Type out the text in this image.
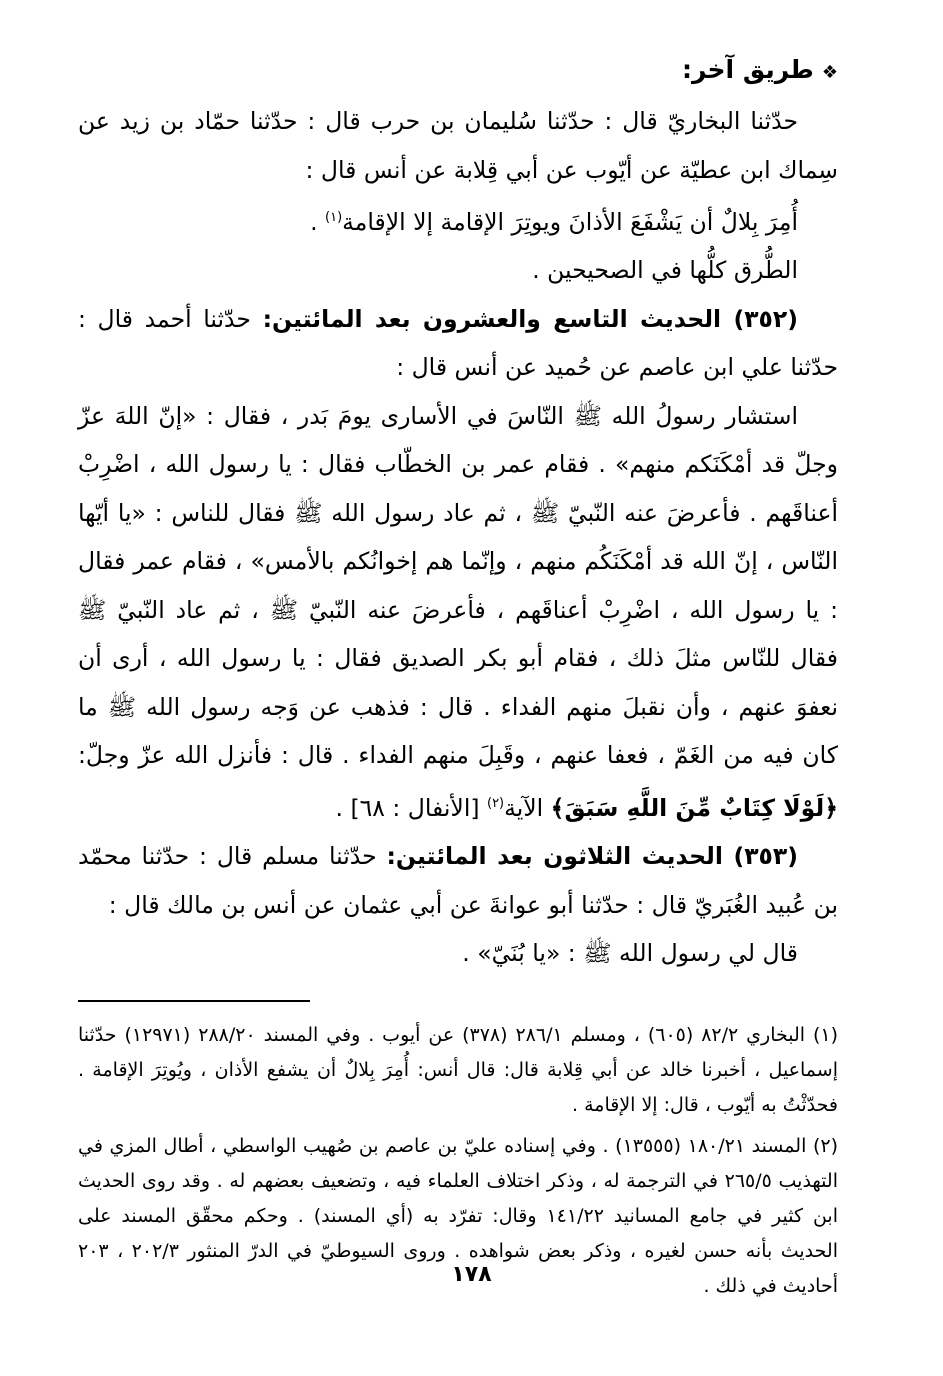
❖طريق آخر:

حدّثنا البخاريّ قال : حدّثنا سُليمان بن حرب قال : حدّثنا حمّاد بن زيد عن سِماك ابن عطيّة عن أيّوب عن أبي قِلابة عن أنس قال :

أُمِرَ بِلالٌ أن يَشْفَعَ الأذانَ ويوتِرَ الإقامة إلا الإقامة$^{(١)}$ .

الطُّرق كلُّها في الصحيحين .

(٣٥٢) الحديث التاسع والعشرون بعد المائتين: حدّثنا أحمد قال : حدّثنا علي ابن عاصم عن حُميد عن أنس قال :

استشار رسولُ الله ﷺ النّاسَ في الأسارى يومَ بَدر ، فقال : «إنّ اللهَ عزّ وجلّ قد أمْكَنَكم منهم» . فقام عمر بن الخطّاب فقال : يا رسول الله ، اضْرِبْ أعناقَهم . فأعرضَ عنه النّبيّ ﷺ ، ثم عاد رسول الله ﷺ فقال للناس : «يا أيّها النّاس ، إنّ الله قد أمْكَنَكُم منهم ، وإنّما هم إخوانُكم بالأمس» ، فقام عمر فقال : يا رسول الله ، اضْرِبْ أعناقَهم ، فأعرضَ عنه النّبيّ ﷺ ، ثم عاد النّبيّ ﷺ فقال للنّاس مثلَ ذلك ، فقام أبو بكر الصديق فقال : يا رسول الله ، أرى أن نعفوَ عنهم ، وأن نقبلَ منهم الفداء . قال : فذهب عن وَجه رسول الله ﷺ ما كان فيه من الغَمّ ، فعفا عنهم ، وقَبِلَ منهم الفداء . قال : فأنزل الله عزّ وجلّ:﴿لَوْلَا كِتَابٌ مِّنَ اللَّهِ سَبَقَ﴾ الآية$^{(٢)}$ [الأنفال : ٦٨] .

(٣٥٣) الحديث الثلاثون بعد المائتين: حدّثنا مسلم قال : حدّثنا محمّد بن عُبيد الغُبَريّ قال : حدّثنا أبو عوانةَ عن أبي عثمان عن أنس بن مالك قال :

قال لي رسول الله ﷺ : «يا بُنَيّ» .

(١) البخاري ٨٢/٢ (٦٠٥) ، ومسلم ٢٨٦/١ (٣٧٨) عن أيوب . وفي المسند ٢٨٨/٢٠ (١٢٩٧١) حدّثنا إسماعيل ، أخبرنا خالد عن أبي قِلابة قال: قال أنس: أُمِرَ بِلالٌ أن يشفع الأذان ، ويُوتِرَ الإقامة . فحدّثْتُ به أيّوب ، قال: إلا الإقامة .

(٢) المسند ١٨٠/٢١ (١٣٥٥٥) . وفي إسناده عليّ بن عاصم بن صُهيب الواسطي ، أطال المزي في التهذيب ٢٦٥/٥ في الترجمة له ، وذكر اختلاف العلماء فيه ، وتضعيف بعضهم له . وقد روى الحديث ابن كثير في جامع المسانيد ١٤١/٢٢ وقال: تفرّد به (أي المسند) . وحكم محقّق المسند على الحديث بأنه حسن لغيره ، وذكر بعض شواهده . وروى السيوطيّ في الدرّ المنثور ٢٠٢/٣ ، ٢٠٣ أحاديث في ذلك .

١٧٨
